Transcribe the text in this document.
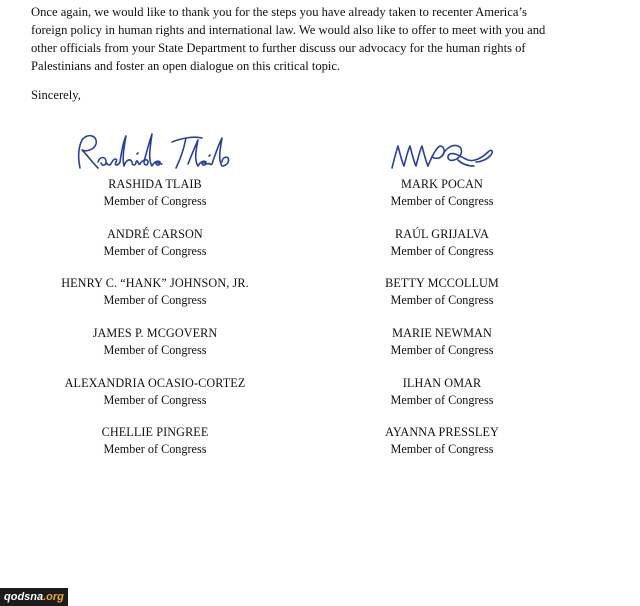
Once again, we would like to thank you for the steps you have already taken to recenter America’s
foreign policy in human rights and international law. We would also like to offer to meet with you and
other officials from your State Department to further discuss our advocacy for the human rights of
Palestinians and foster an open dialogue on this critical topic.
Sincerely,
RASHIDA TLAIB
Member of Congress
ANDRÉ CARSON
Member of Congress
HENRY C. “HANK” JOHNSON, JR.
Member of Congress
JAMES P. MCGOVERN
Member of Congress
ALEXANDRIA OCASIO-CORTEZ
Member of Congress
CHELLIE PINGREE
Member of Congress
MARK POCAN
Member of Congress
RAÚL GRIJALVA
Member of Congress
BETTY MCCOLLUM
Member of Congress
MARIE NEWMAN
Member of Congress
ILHAN OMAR
Member of Congress
AYANNA PRESSLEY
Member of Congress
qodsna.org
